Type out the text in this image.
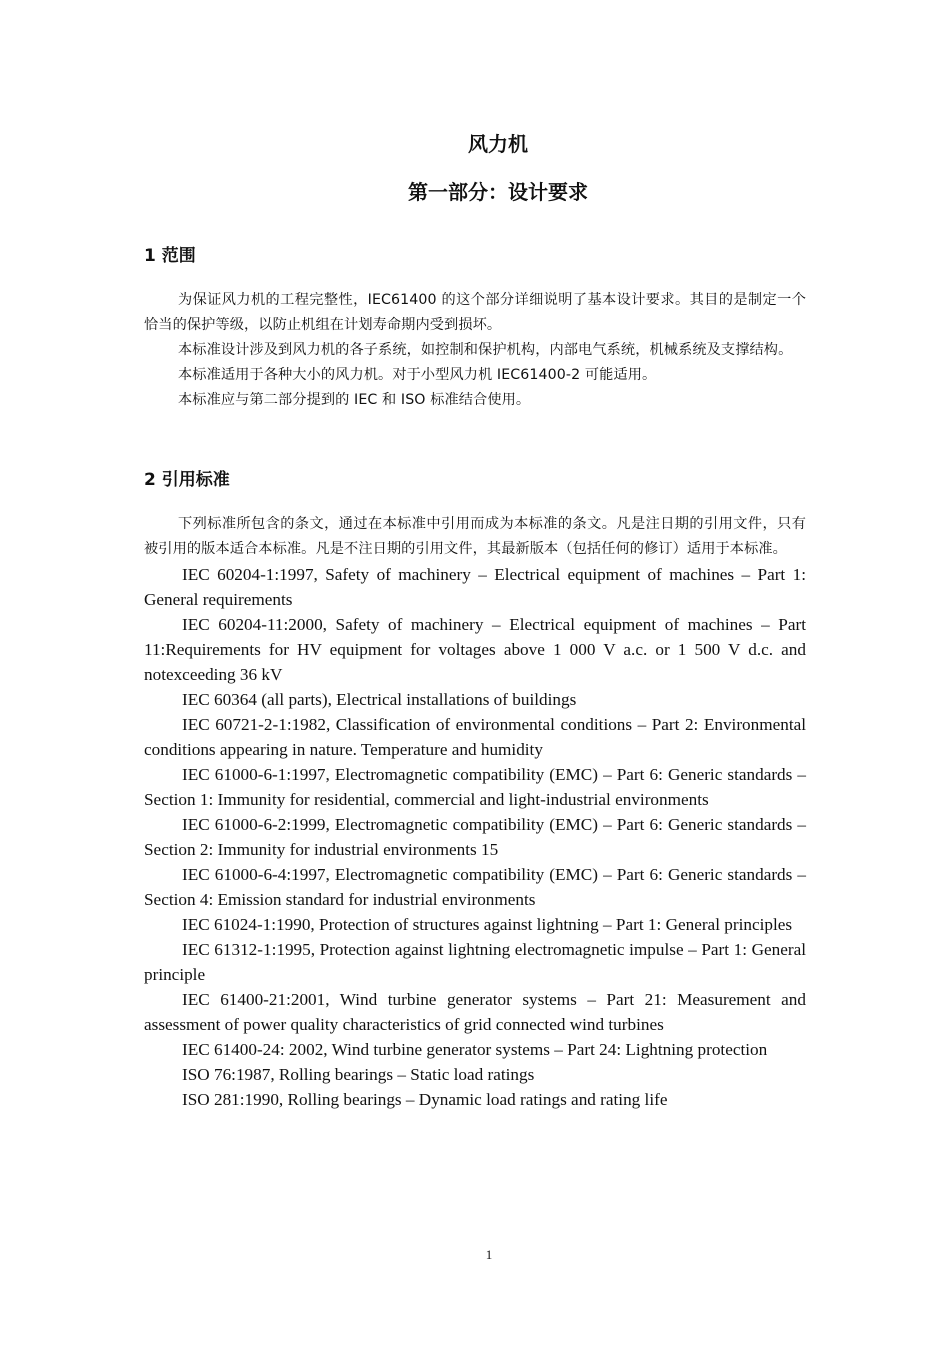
风力机
第一部分：设计要求
1 范围

为保证风力机的工程完整性，IEC61400 的这个部分详细说明了基本设计要求。其目的是制定一个恰当的保护等级，以防止机组在计划寿命期内受到损坏。

本标准设计涉及到风力机的各子系统，如控制和保护机构，内部电气系统，机械系统及支撑结构。

本标准适用于各种大小的风力机。对于小型风力机 IEC61400-2 可能适用。

本标准应与第二部分提到的 IEC 和 ISO 标准结合使用。

2 引用标准

下列标准所包含的条文，通过在本标准中引用而成为本标准的条文。凡是注日期的引用文件，只有被引用的版本适合本标准。凡是不注日期的引用文件，其最新版本（包括任何的修订）适用于本标准。

IEC 60204-1:1997, Safety of machinery – Electrical equipment of machines – Part 1: General requirements

IEC 60204-11:2000, Safety of machinery – Electrical equipment of machines – Part 11:Requirements for HV equipment for voltages above 1 000 V a.c. or 1 500 V d.c. and notexceeding 36 kV

IEC 60364 (all parts), Electrical installations of buildings

IEC 60721-2-1:1982, Classification of environmental conditions – Part 2: Environmental conditions appearing in nature. Temperature and humidity

IEC 61000-6-1:1997, Electromagnetic compatibility (EMC) – Part 6: Generic standards –Section 1: Immunity for residential, commercial and light-industrial environments

IEC 61000-6-2:1999, Electromagnetic compatibility (EMC) – Part 6: Generic standards –Section 2: Immunity for industrial environments 15

IEC 61000-6-4:1997, Electromagnetic compatibility (EMC) – Part 6: Generic standards –Section 4: Emission standard for industrial environments

IEC 61024-1:1990, Protection of structures against lightning – Part 1: General principles

IEC 61312-1:1995, Protection against lightning electromagnetic impulse – Part 1: General principle

IEC 61400-21:2001, Wind turbine generator systems – Part 21: Measurement and assessment of power quality characteristics of grid connected wind turbines

IEC 61400-24: 2002, Wind turbine generator systems – Part 24: Lightning protection

ISO 76:1987, Rolling bearings – Static load ratings

ISO 281:1990, Rolling bearings – Dynamic load ratings and rating life

1
